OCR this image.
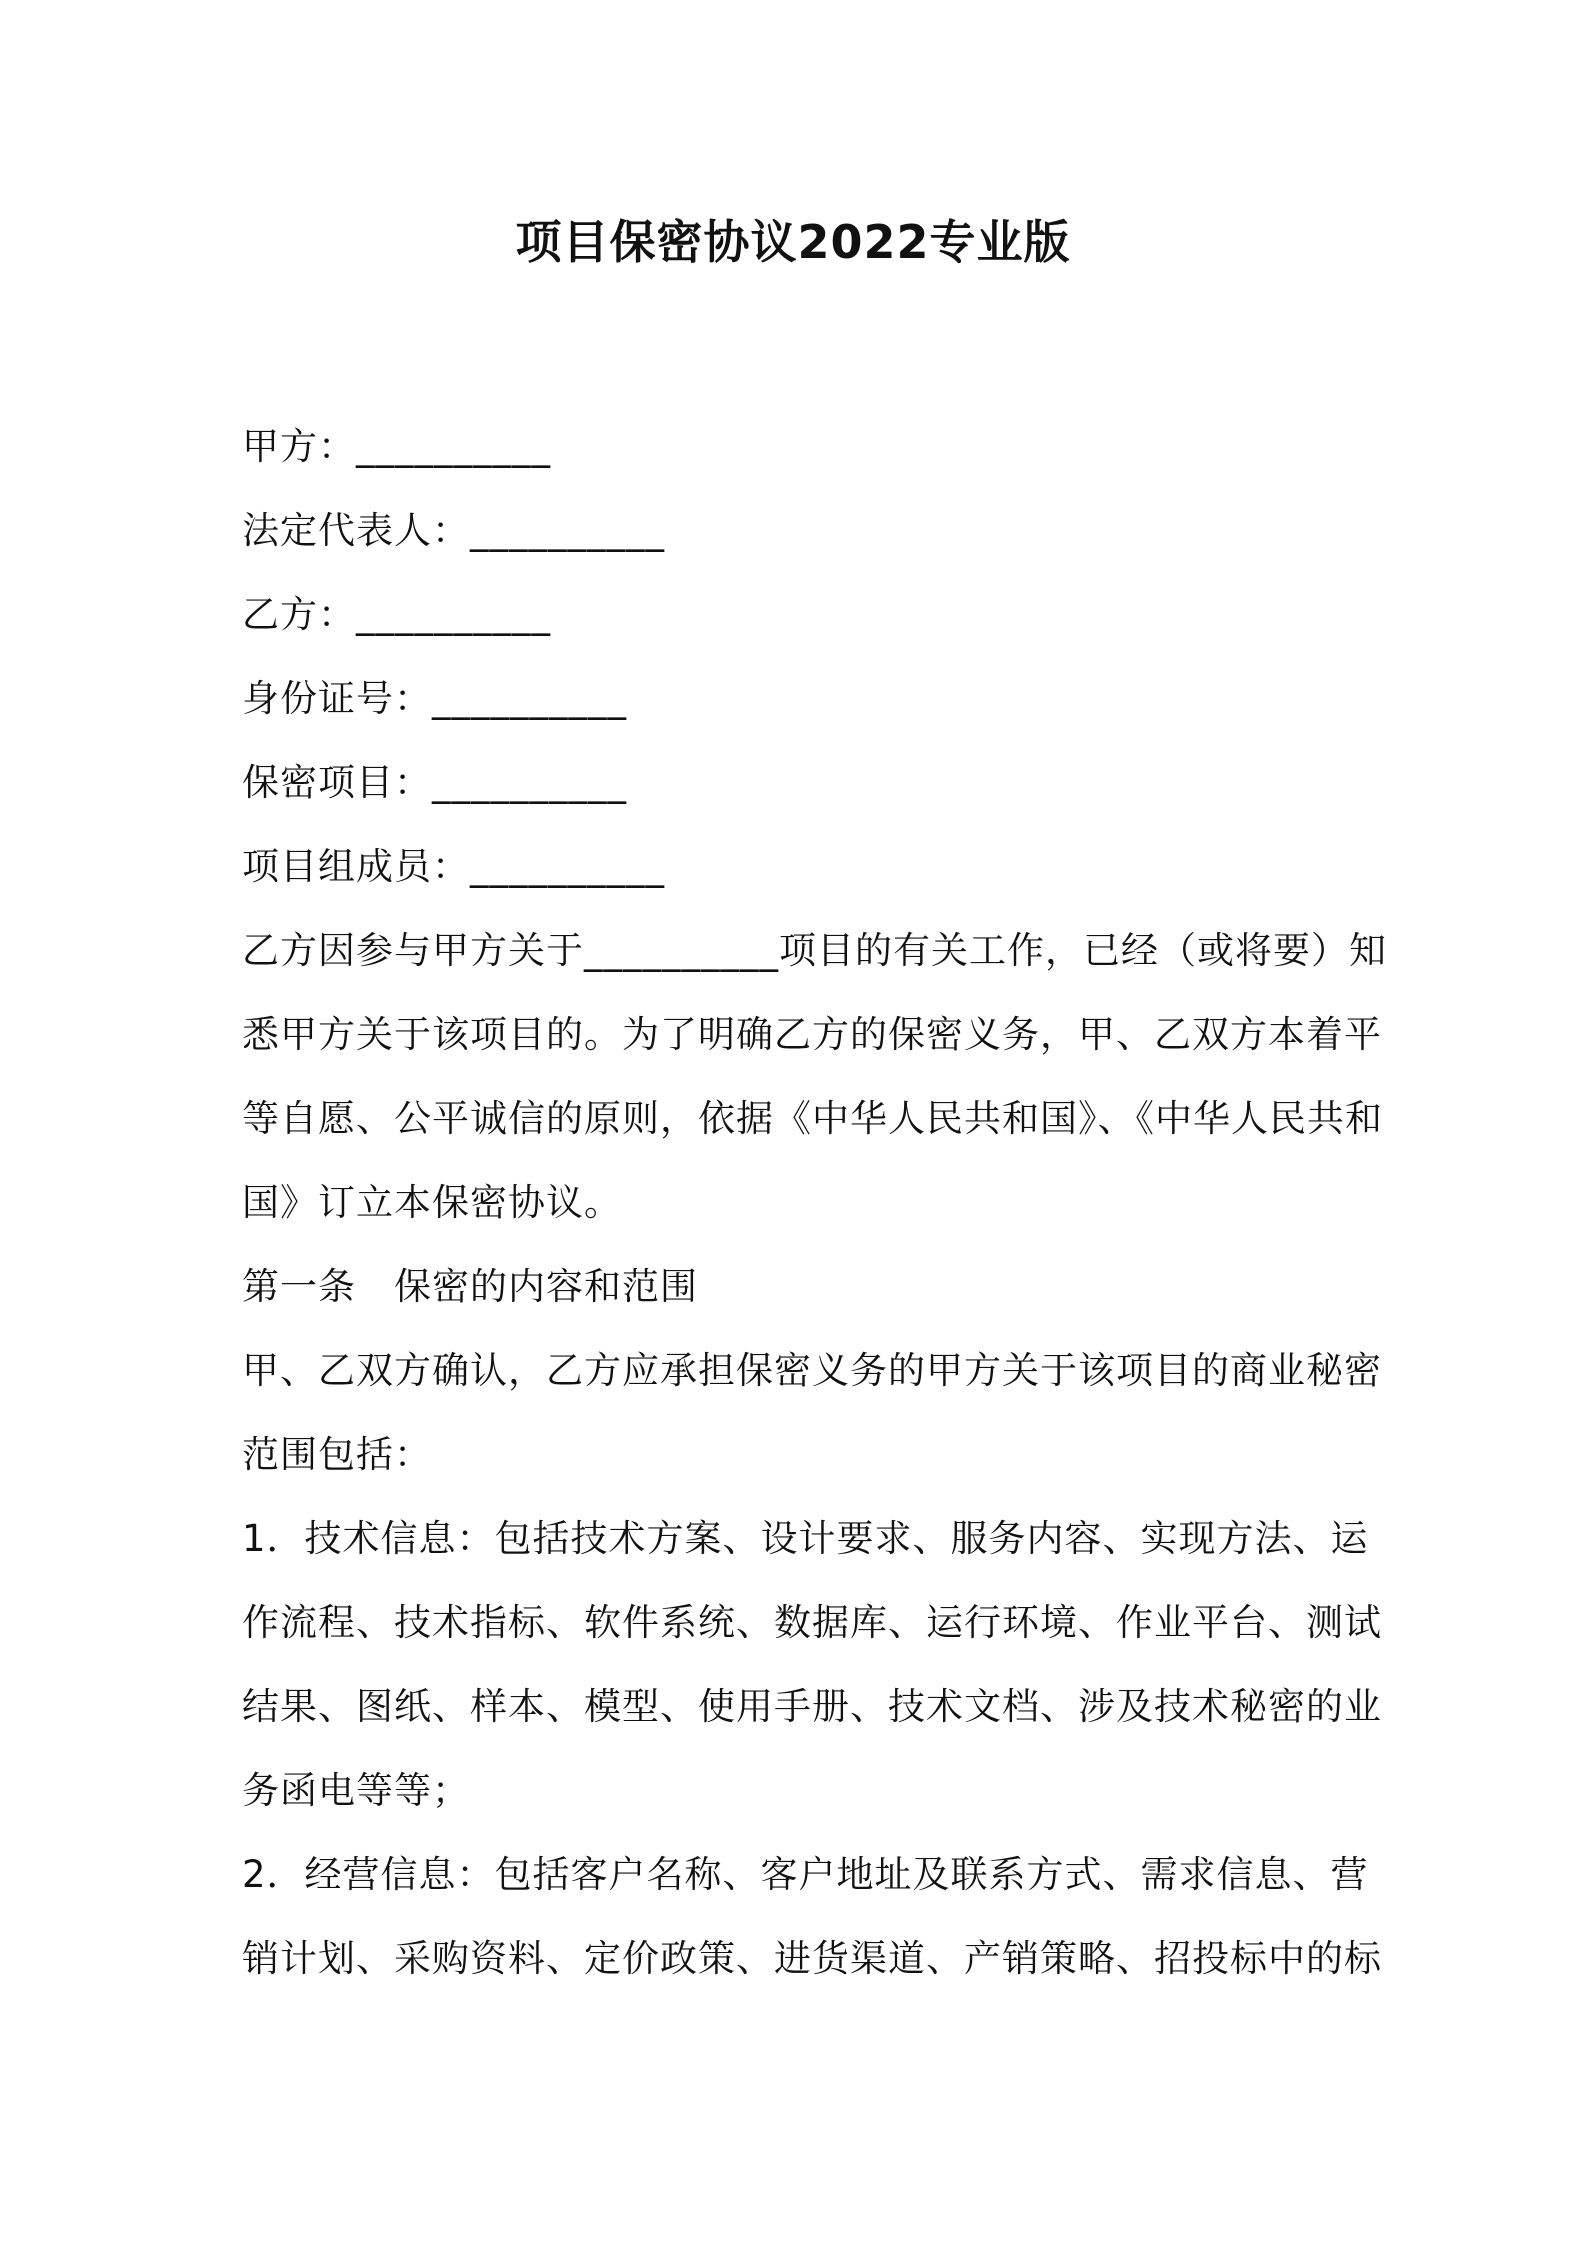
项目保密协议2022专业版
甲方：__________
法定代表人：__________
乙方：__________
身份证号：__________
保密项目：__________
项目组成员：__________
乙方因参与甲方关于__________项目的有关工作，已经（或将要）知
悉甲方关于该项目的。为了明确乙方的保密义务，甲、乙双方本着平
等自愿、公平诚信的原则，依据《中华人民共和国》、《中华人民共和
国》订立本保密协议。
第一条　保密的内容和范围
甲、乙双方确认，乙方应承担保密义务的甲方关于该项目的商业秘密
范围包括：
1．技术信息：包括技术方案、设计要求、服务内容、实现方法、运
作流程、技术指标、软件系统、数据库、运行环境、作业平台、测试
结果、图纸、样本、模型、使用手册、技术文档、涉及技术秘密的业
务函电等等；
2．经营信息：包括客户名称、客户地址及联系方式、需求信息、营
销计划、采购资料、定价政策、进货渠道、产销策略、招投标中的标
